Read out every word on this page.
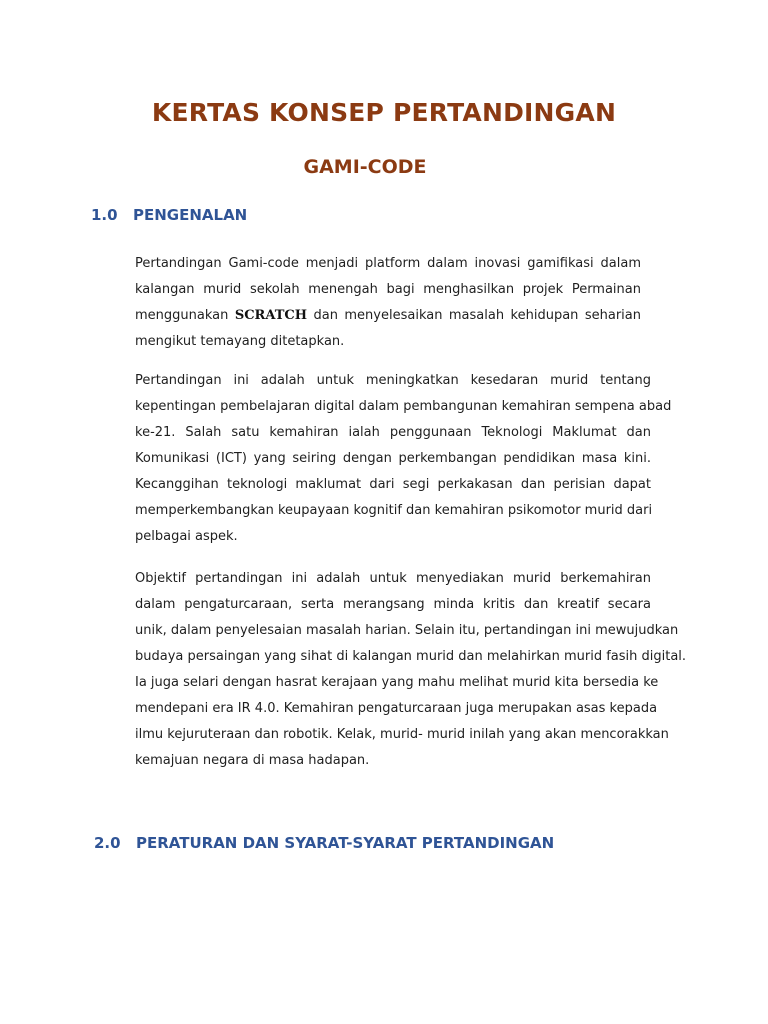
KERTAS KONSEP PERTANDINGAN
GAMI-CODE
1.0 PENGENALAN

Pertandingan Gami-code menjadi platform dalam inovasi gamifikasi dalam
kalangan murid sekolah menengah bagi menghasilkan projek Permainan
menggunakan SCRATCH dan menyelesaikan masalah kehidupan seharian
mengikut temayang ditetapkan.

Pertandingan ini adalah untuk meningkatkan kesedaran murid tentang
kepentingan pembelajaran digital dalam pembangunan kemahiran sempena abad
ke-21. Salah satu kemahiran ialah penggunaan Teknologi Maklumat dan
Komunikasi (ICT) yang seiring dengan perkembangan pendidikan masa kini.
Kecanggihan teknologi maklumat dari segi perkakasan dan perisian dapat
memperkembangkan keupayaan kognitif dan kemahiran psikomotor murid dari
pelbagai aspek.

Objektif pertandingan ini adalah untuk menyediakan murid berkemahiran
dalam pengaturcaraan, serta merangsang minda kritis dan kreatif secara
unik, dalam penyelesaian masalah harian. Selain itu, pertandingan ini mewujudkan
budaya persaingan yang sihat di kalangan murid dan melahirkan murid fasih digital.
Ia juga selari dengan hasrat kerajaan yang mahu melihat murid kita bersedia ke
mendepani era IR 4.0. Kemahiran pengaturcaraan juga merupakan asas kepada
ilmu kejuruteraan dan robotik. Kelak, murid- murid inilah yang akan mencorakkan
kemajuan negara di masa hadapan.

2.0 PERATURAN DAN SYARAT-SYARAT PERTANDINGAN
